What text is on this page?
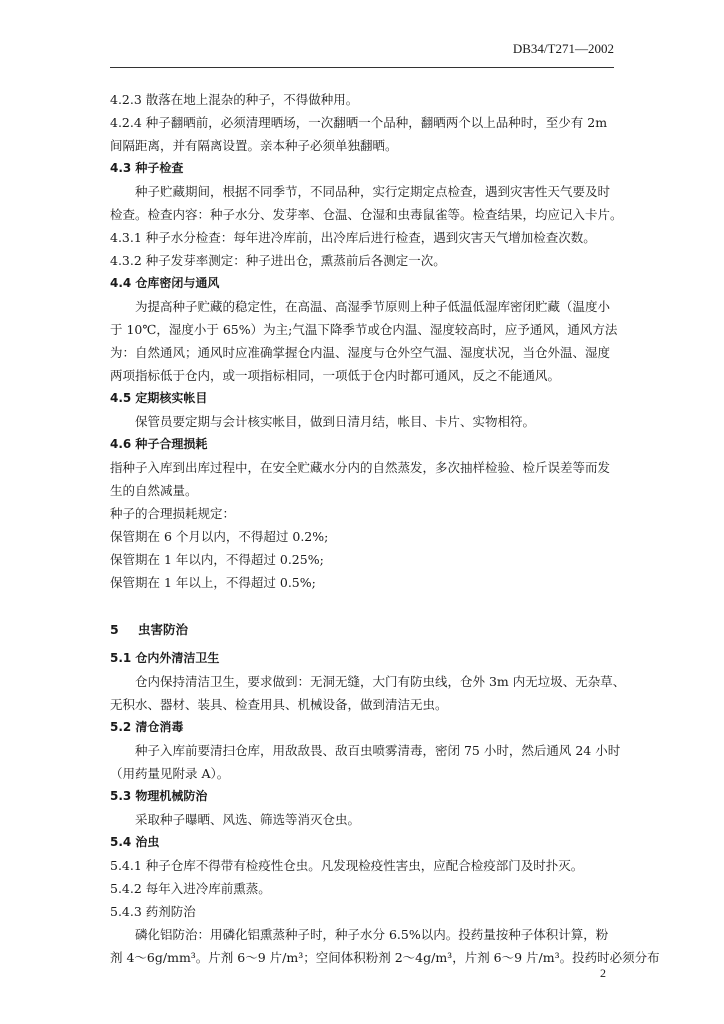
DB34/T271—2002

4.2.3 散落在地上混杂的种子，不得做种用。

4.2.4 种子翻晒前，必须清理晒场，一次翻晒一个品种，翻晒两个以上品种时，至少有 2m

间隔距离，并有隔离设置。亲本种子必须单独翻晒。

4.3 种子检查

种子贮藏期间，根据不同季节，不同品种，实行定期定点检查，遇到灾害性天气要及时

检查。检查内容：种子水分、发芽率、仓温、仓湿和虫毒鼠雀等。检查结果，均应记入卡片。

4.3.1 种子水分检查：每年进冷库前，出冷库后进行检查，遇到灾害天气增加检查次数。

4.3.2 种子发芽率测定：种子进出仓，熏蒸前后各测定一次。

4.4 仓库密闭与通风

为提高种子贮藏的稳定性，在高温、高湿季节原则上种子低温低湿库密闭贮藏（温度小

于 10℃，湿度小于 65%）为主;气温下降季节或仓内温、湿度较高时，应予通风，通风方法

为：自然通风；通风时应准确掌握仓内温、湿度与仓外空气温、湿度状况，当仓外温、湿度

两项指标低于仓内，或一项指标相同，一项低于仓内时都可通风，反之不能通风。

4.5 定期核实帐目

保管员要定期与会计核实帐目，做到日清月结，帐目、卡片、实物相符。

4.6 种子合理损耗

指种子入库到出库过程中，在安全贮藏水分内的自然蒸发，多次抽样检验、检斤误差等而发

生的自然减量。

种子的合理损耗规定：

保管期在 6 个月以内，不得超过 0.2%;

保管期在 1 年以内，不得超过 0.25%;

保管期在 1 年以上，不得超过 0.5%;

5 虫害防治

5.1 仓内外清洁卫生

仓内保持清洁卫生，要求做到：无洞无缝，大门有防虫线，仓外 3m 内无垃圾、无杂草、

无积水、器材、装具、检查用具、机械设备，做到清洁无虫。

5.2 清仓消毒

种子入库前要清扫仓库，用敌敌畏、敌百虫喷雾清毒，密闭 75 小时，然后通风 24 小时

（用药量见附录 A）。

5.3 物理机械防治

采取种子曝晒、风选、筛选等消灭仓虫。

5.4 治虫

5.4.1 种子仓库不得带有检疫性仓虫。凡发现检疫性害虫，应配合检疫部门及时扑灭。

5.4.2 每年入进冷库前熏蒸。

5.4.3 药剂防治

磷化铝防治：用磷化铝熏蒸种子时，种子水分 6.5%以内。投药量按种子体积计算，粉

剂 4～6g/mm³。片剂 6～9 片/m³；空间体积粉剂 2～4g/m³，片剂 6～9 片/m³。投药时必须分布

2
